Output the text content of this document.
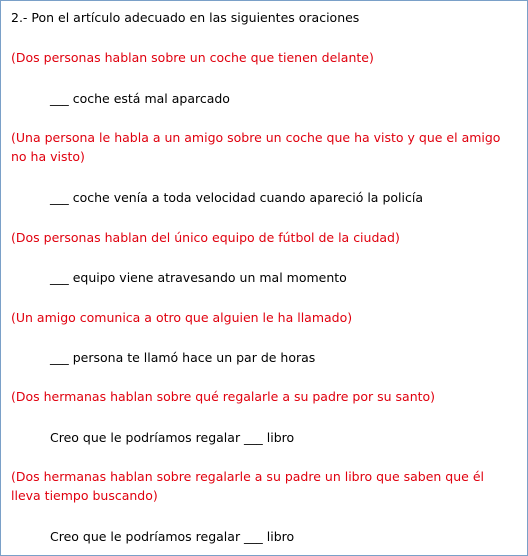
2.- Pon el artículo adecuado en las siguientes oraciones
(Dos personas hablan sobre un coche que tienen delante)
___ coche está mal aparcado
(Una persona le habla a un amigo sobre un coche que ha visto y que el amigo no ha visto)
___ coche venía a toda velocidad cuando apareció la policía
(Dos personas hablan del único equipo de fútbol de la ciudad)
___ equipo viene atravesando un mal momento
(Un amigo comunica a otro que alguien le ha llamado)
___ persona te llamó hace un par de horas
(Dos hermanas hablan sobre qué regalarle a su padre por su santo)
Creo que le podríamos regalar ___ libro
(Dos hermanas hablan sobre regalarle a su padre un libro que saben que él lleva tiempo buscando)
Creo que le podríamos regalar ___ libro
